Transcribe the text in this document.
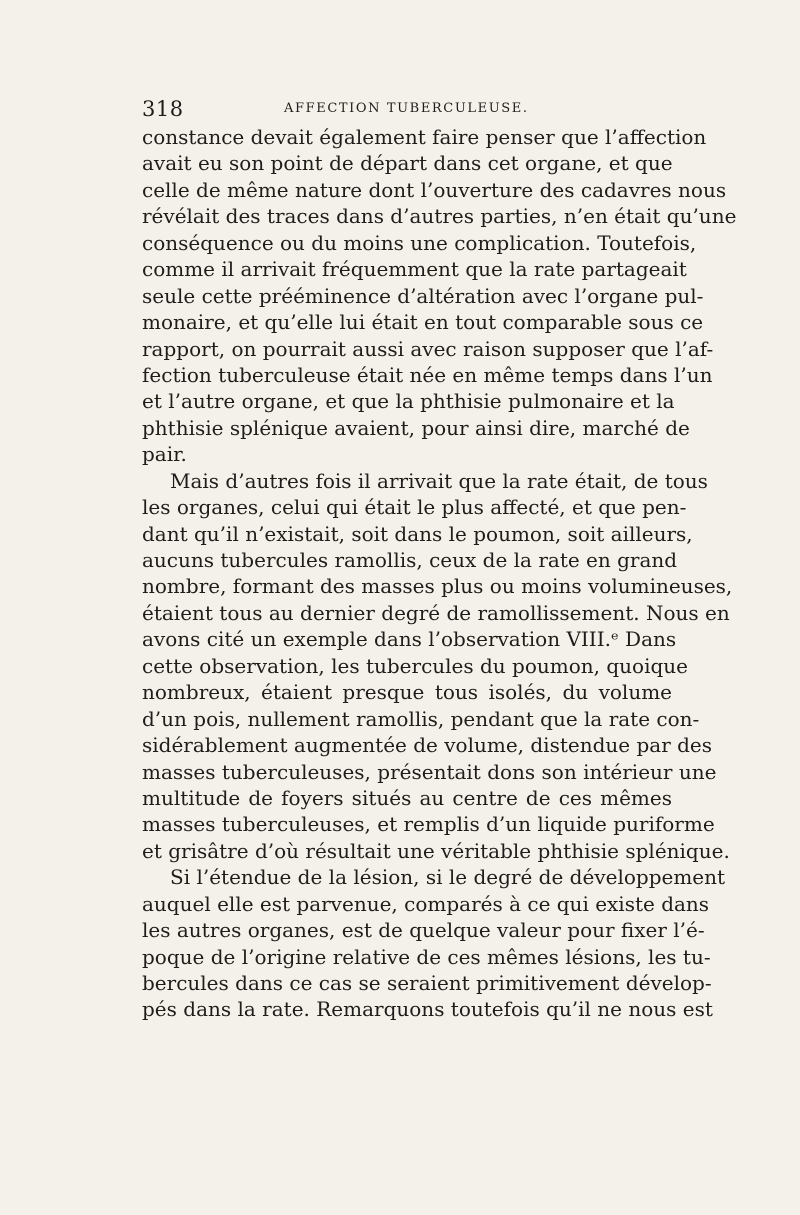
318	AFFECTION TUBERCULEUSE.
constance devait également faire penser que l’affection
avait eu son point de départ dans cet organe, et que
celle de même nature dont l’ouverture des cadavres nous
révélait des traces dans d’autres parties, n’en était qu’une
conséquence ou du moins une complication. Toutefois,
comme il arrivait fréquemment que la rate partageait
seule cette prééminence d’altération avec l’organe pul-
monaire, et qu’elle lui était en tout comparable sous ce
rapport, on pourrait aussi avec raison supposer que l’af-
fection tuberculeuse était née en même temps dans l’un
et l’autre organe, et que la phthisie pulmonaire et la
phthisie splénique avaient, pour ainsi dire, marché de
pair.
Mais d’autres fois il arrivait que la rate était, de tous
les organes, celui qui était le plus affecté, et que pen-
dant qu’il n’existait, soit dans le poumon, soit ailleurs,
aucuns tubercules ramollis, ceux de la rate en grand
nombre, formant des masses plus ou moins volumineuses,
étaient tous au dernier degré de ramollissement. Nous en
avons cité un exemple dans l’observation VIII.ᵉ Dans
cette observation, les tubercules du poumon, quoique
nombreux, étaient presque tous isolés, du volume
d’un pois, nullement ramollis, pendant que la rate con-
sidérablement augmentée de volume, distendue par des
masses tuberculeuses, présentait dons son intérieur une
multitude de foyers situés au centre de ces mêmes
masses tuberculeuses, et remplis d’un liquide puriforme
et grisâtre d’où résultait une véritable phthisie splénique.
Si l’étendue de la lésion, si le degré de développement
auquel elle est parvenue, comparés à ce qui existe dans
les autres organes, est de quelque valeur pour fixer l’é-
poque de l’origine relative de ces mêmes lésions, les tu-
bercules dans ce cas se seraient primitivement dévelop-
pés dans la rate. Remarquons toutefois qu’il ne nous est
